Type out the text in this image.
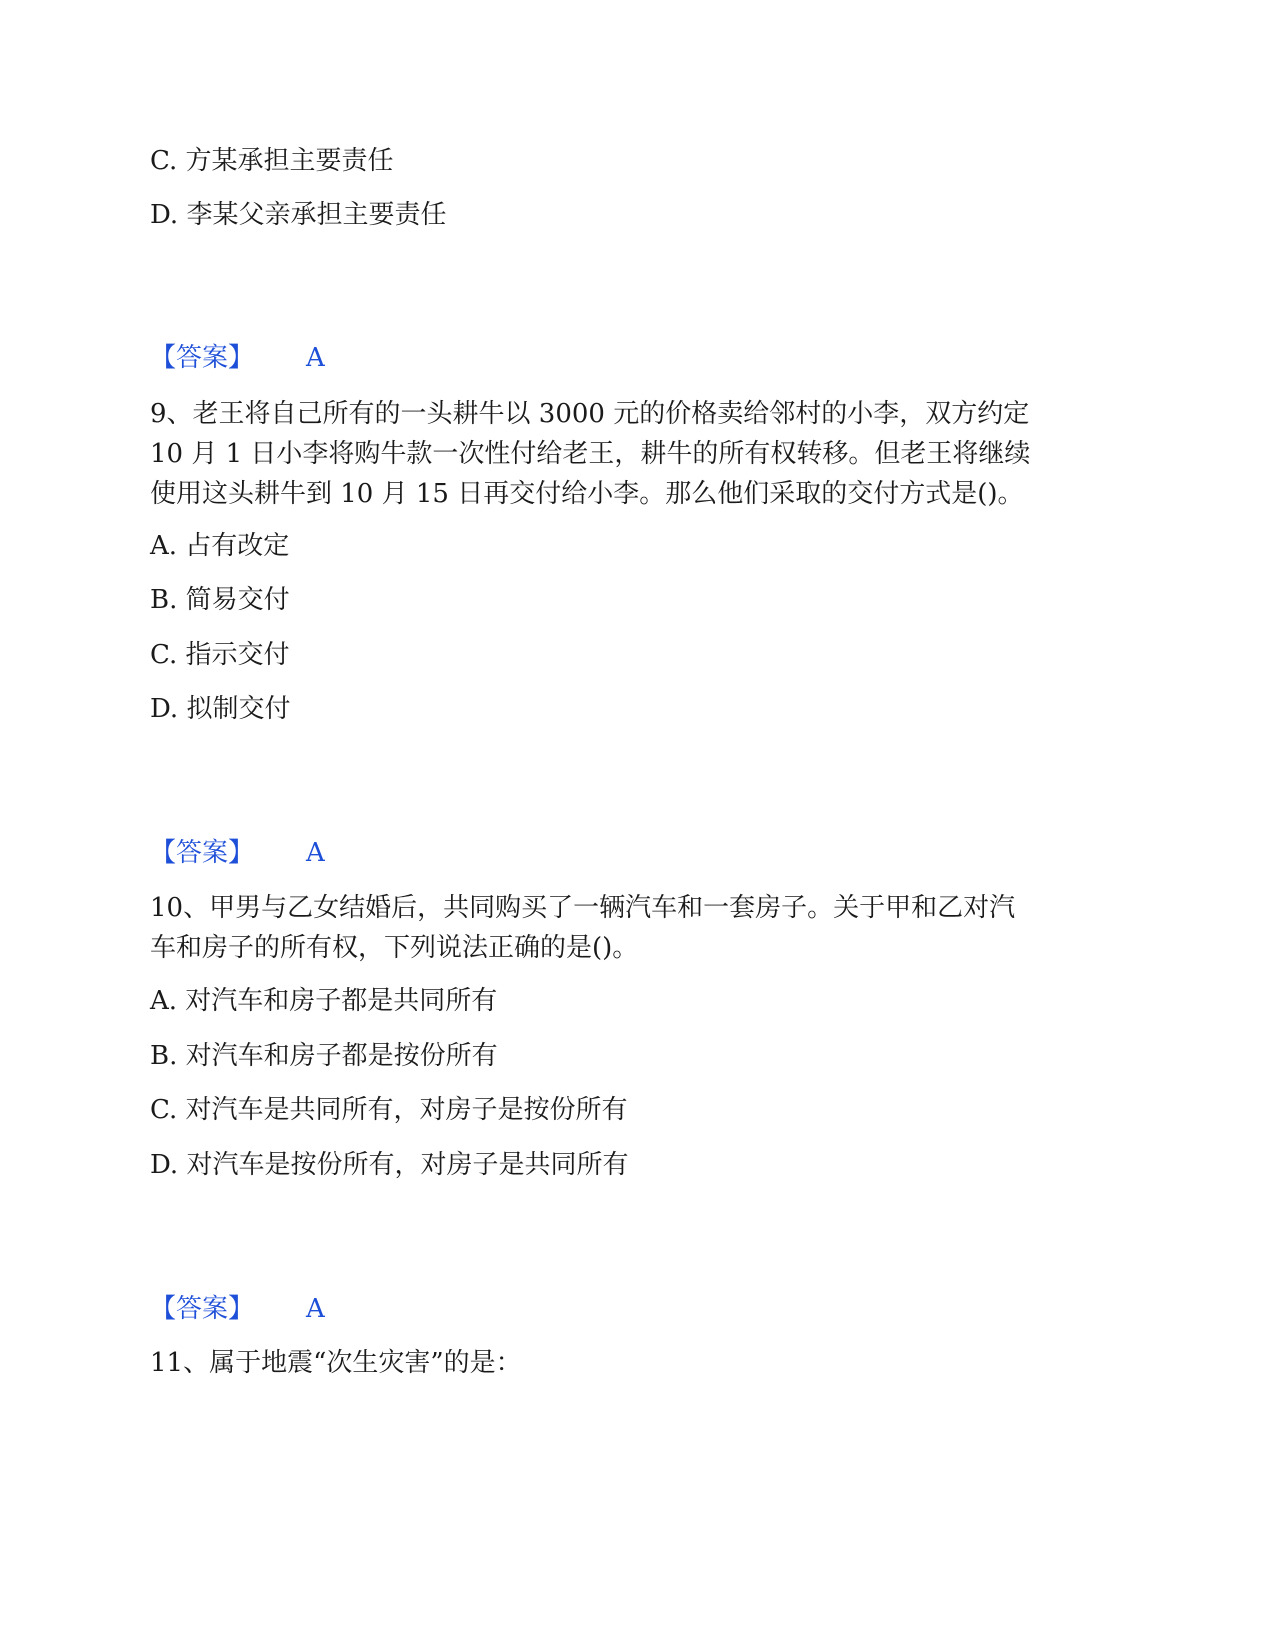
C. 方某承担主要责任
D. 李某父亲承担主要责任
【答案】 A
9、老王将自己所有的一头耕牛以 3000 元的价格卖给邻村的小李，双方约定
10 月 1 日小李将购牛款一次性付给老王，耕牛的所有权转移。但老王将继续
使用这头耕牛到 10 月 15 日再交付给小李。那么他们采取的交付方式是()。
A. 占有改定
B. 简易交付
C. 指示交付
D. 拟制交付
【答案】 A
10、甲男与乙女结婚后，共同购买了一辆汽车和一套房子。关于甲和乙对汽
车和房子的所有权，下列说法正确的是()。
A. 对汽车和房子都是共同所有
B. 对汽车和房子都是按份所有
C. 对汽车是共同所有，对房子是按份所有
D. 对汽车是按份所有，对房子是共同所有
【答案】 A
11、属于地震“次生灾害”的是：
